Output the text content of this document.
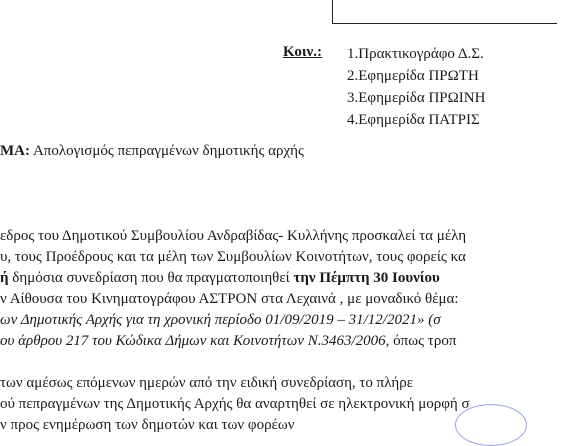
Κοιν.: 1.Πρακτικογράφο Δ.Σ.
2.Εφημερίδα ΠΡΩΤΗ
3.Εφημερίδα ΠΡΩΙΝΗ
4.Εφημερίδα ΠΑΤΡΙΣ
ΜΑ: Απολογισμός πεπραγμένων δημοτικής αρχής
εδρος του Δημοτικού Συμβουλίου Ανδραβίδας- Κυλλήνης προσκαλεί τα μέλη
υ, τους Προέδρους και τα μέλη των Συμβουλίων Κοινοτήτων, τους φορείς κα
ή δημόσια συνεδρίαση που θα πραγματοποιηθεί την Πέμπτη 30 Ιουνίου
ν Αίθουσα του Κινηματογράφου ΑΣΤΡΟΝ στα Λεχαινά , με μοναδικό θέμα:
ων Δημοτικής Αρχής για τη χρονική περίοδο 01/09/2019 – 31/12/2021» (σ
ου άρθρου 217 του Κώδικα Δήμων και Κοινοτήτων Ν.3463/2006, όπως τροπ
των αμέσως επόμενων ημερών από την ειδική συνεδρίαση, το πλήρε
ού πεπραγμένων της Δημοτικής Αρχής θα αναρτηθεί σε ηλεκτρονική μορφή σ
ν προς ενημέρωση των δημοτών και των φορέων
